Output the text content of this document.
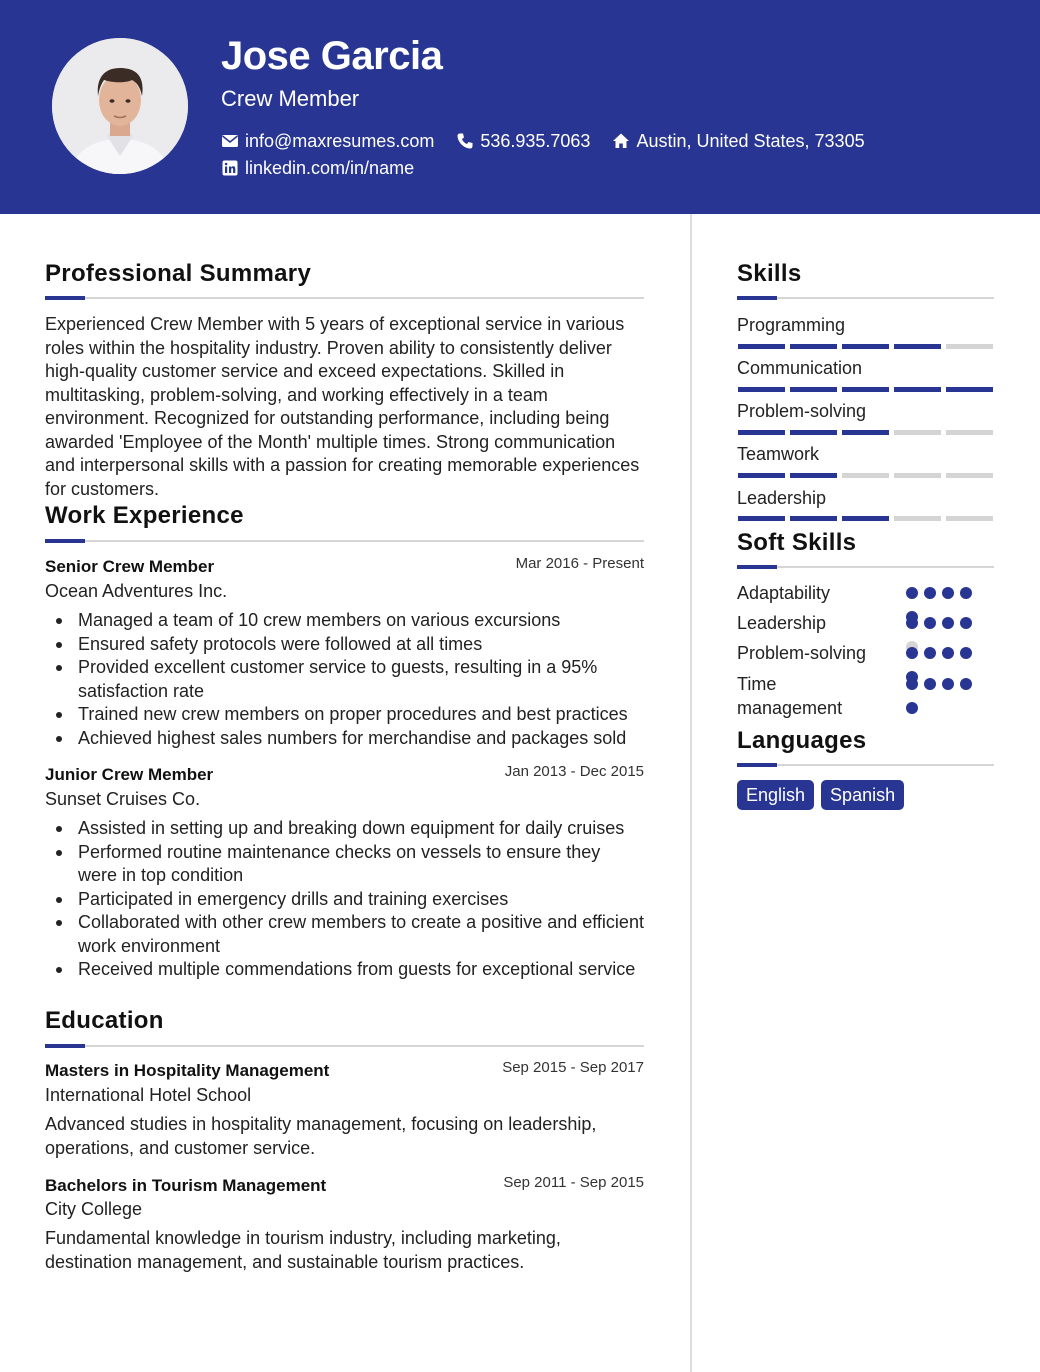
Jose Garcia
Crew Member
info@maxresumes.com	536.935.7063	Austin, United States, 73305
linkedin.com/in/name
Professional Summary

Experienced Crew Member with 5 years of exceptional service in various roles within the hospitality industry. Proven ability to consistently deliver high-quality customer service and exceed expectations. Skilled in multitasking, problem-solving, and working effectively in a team environment. Recognized for outstanding performance, including being awarded 'Employee of the Month' multiple times. Strong communication and interpersonal skills with a passion for creating memorable experiences for customers.

Work Experience
Senior Crew Member	Mar 2016 - Present
Ocean Adventures Inc.
Managed a team of 10 crew members on various excursions
Ensured safety protocols were followed at all times
Provided excellent customer service to guests, resulting in a 95% satisfaction rate
Trained new crew members on proper procedures and best practices
Achieved highest sales numbers for merchandise and packages sold
Junior Crew Member	Jan 2013 - Dec 2015
Sunset Cruises Co.
Assisted in setting up and breaking down equipment for daily cruises
Performed routine maintenance checks on vessels to ensure they were in top condition
Participated in emergency drills and training exercises
Collaborated with other crew members to create a positive and efficient work environment
Received multiple commendations from guests for exceptional service
Education
Masters in Hospitality Management	Sep 2015 - Sep 2017
International Hotel School

Advanced studies in hospitality management, focusing on leadership, operations, and customer service.

Bachelors in Tourism Management	Sep 2011 - Sep 2015
City College

Fundamental knowledge in tourism industry, including marketing, destination management, and sustainable tourism practices.

Skills
Programming
Communication
Problem-solving
Teamwork
Leadership
Soft Skills
Adaptability
Leadership
Problem-solving
Time management
Languages
English	Spanish
